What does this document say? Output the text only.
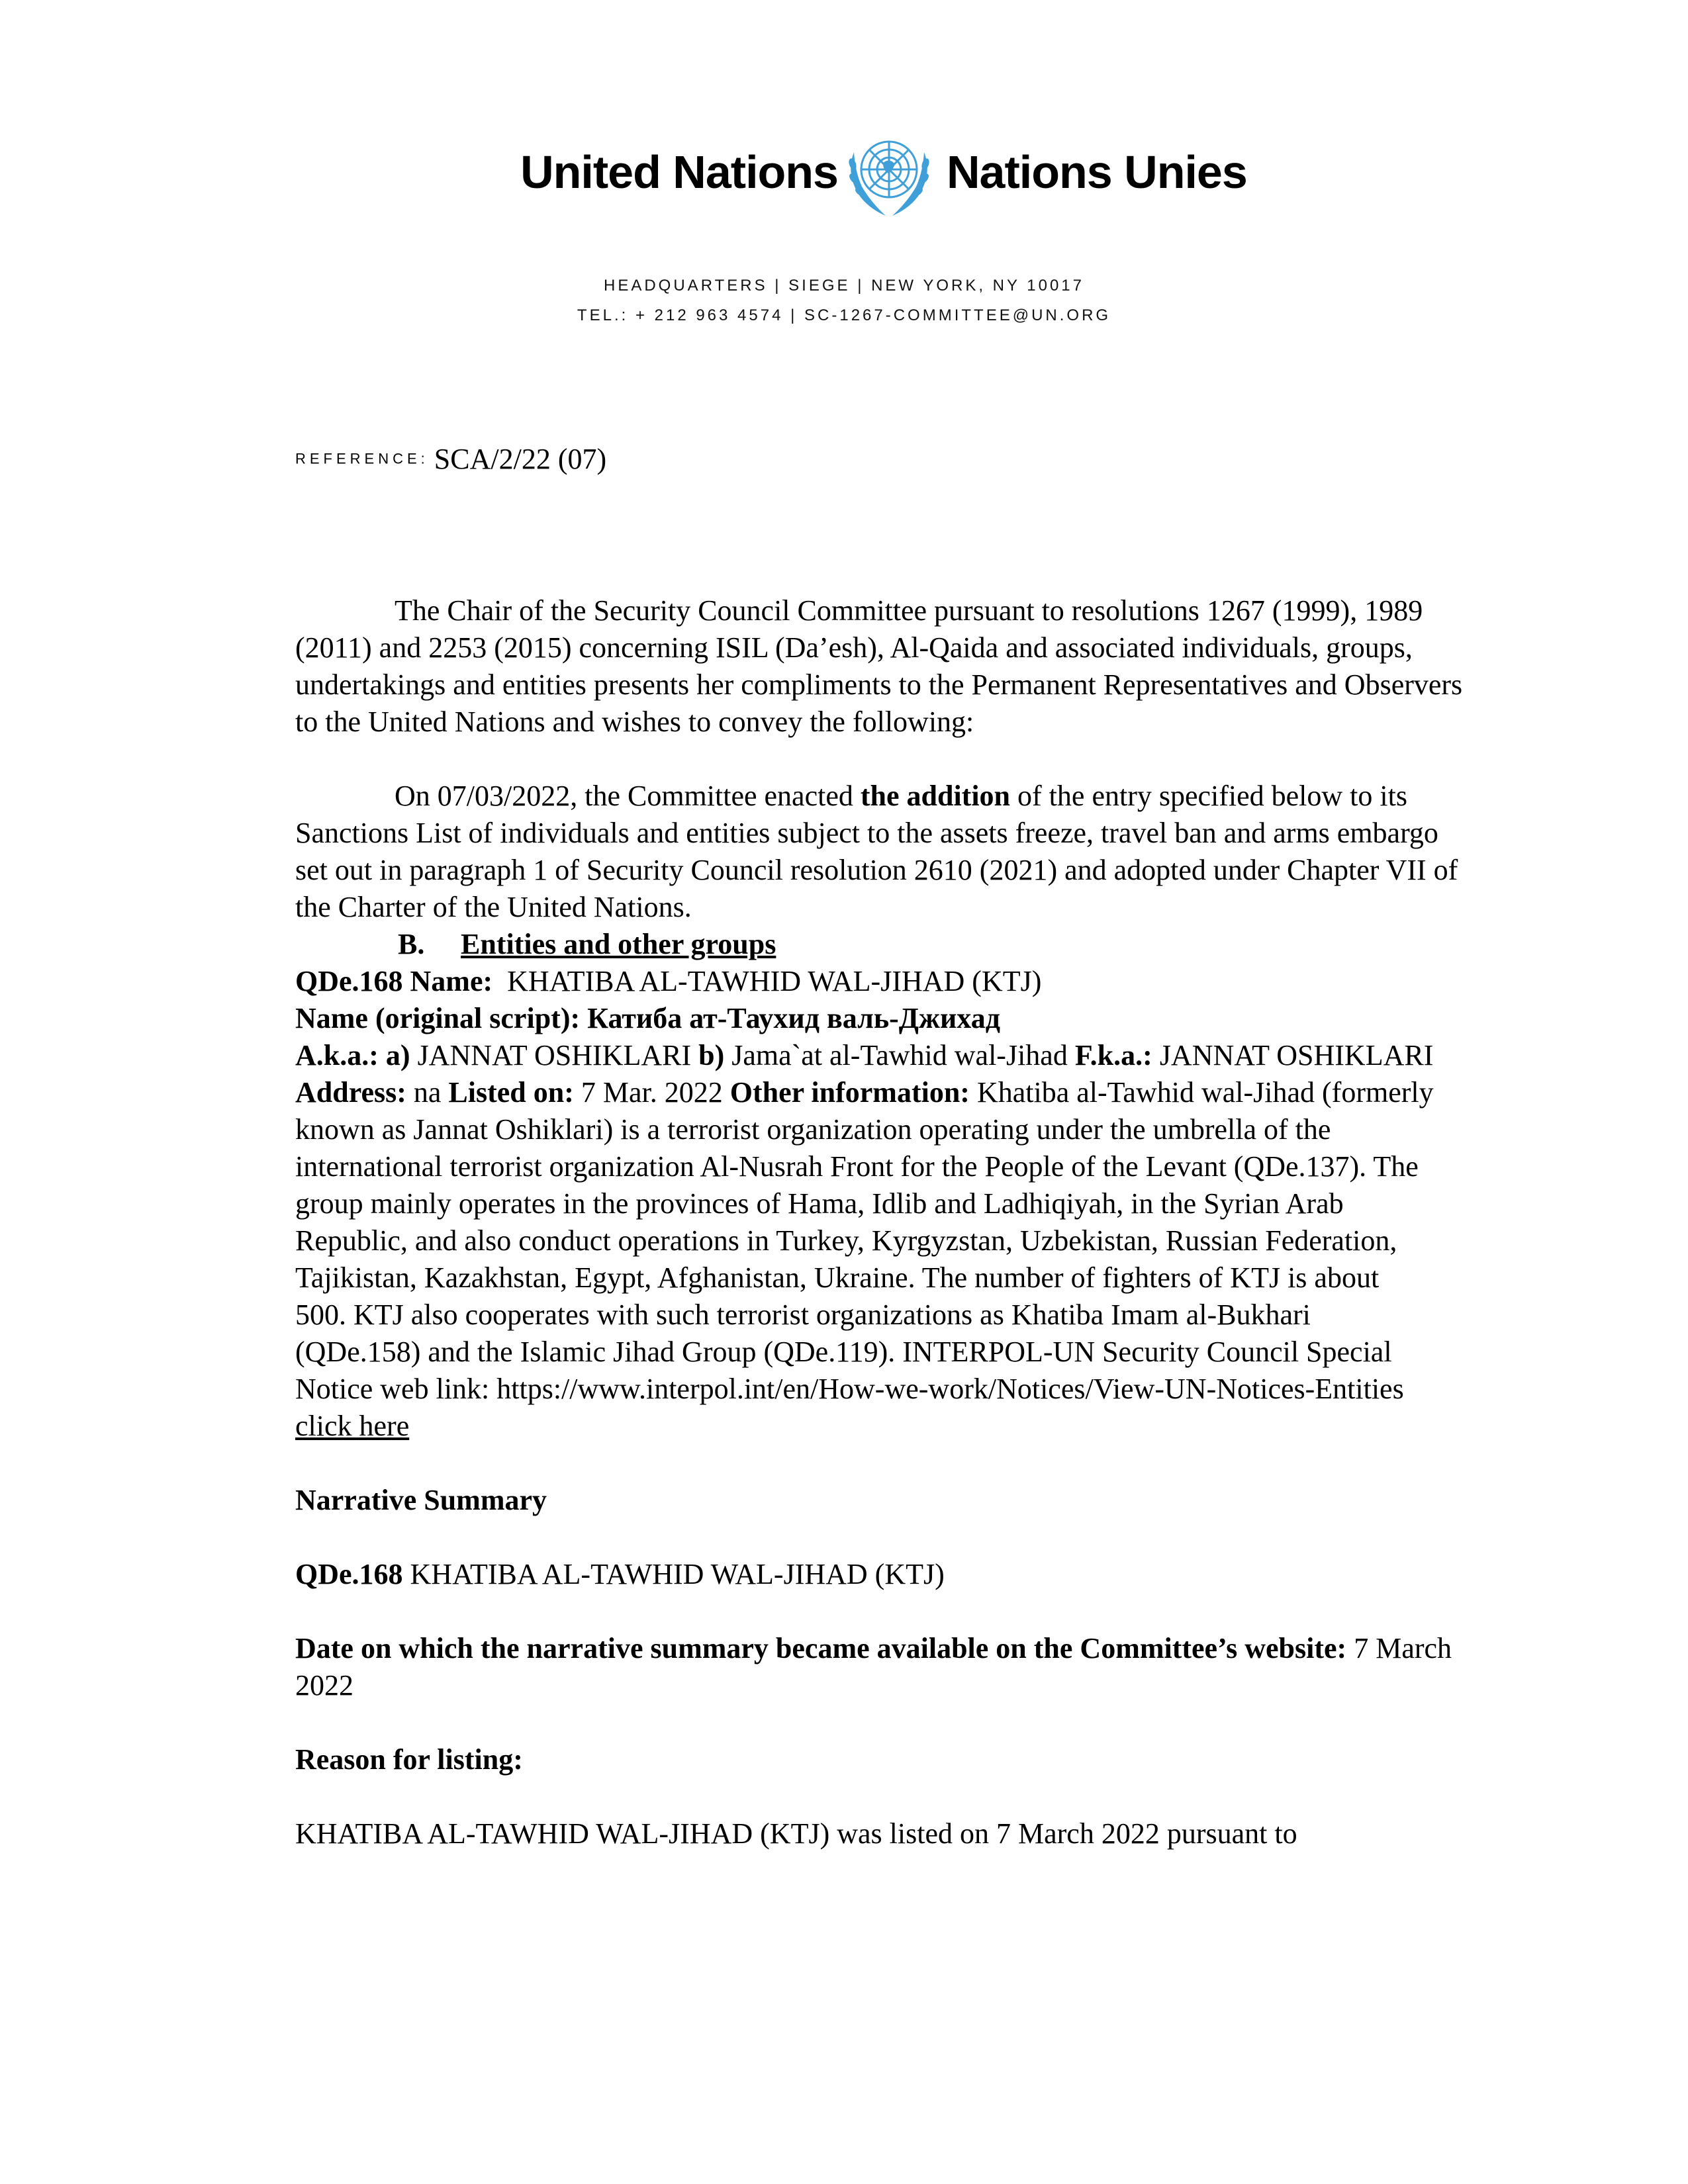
United Nations Nations Unies
HEADQUARTERS | SIEGE | NEW YORK, NY 10017
TEL.: + 212 963 4574 | SC-1267-COMMITTEE@UN.ORG
REFERENCE: SCA/2/22 (07)

The Chair of the Security Council Committee pursuant to resolutions 1267 (1999), 1989 (2011) and 2253 (2015) concerning ISIL (Da’esh), Al-Qaida and associated individuals, groups, undertakings and entities presents her compliments to the Permanent Representatives and Observers to the United Nations and wishes to convey the following:

On 07/03/2022, the Committee enacted the addition of the entry specified below to its Sanctions List of individuals and entities subject to the assets freeze, travel ban and arms embargo set out in paragraph 1 of Security Council resolution 2610 (2021) and adopted under Chapter VII of the Charter of the United Nations.

B. Entities and other groups

QDe.168 Name: KHATIBA AL-TAWHID WAL-JIHAD (KTJ)
Name (original script): Катиба ат-Таухид валь-Джихад
A.k.a.: a) JANNAT OSHIKLARI b) Jama`at al-Tawhid wal-Jihad F.k.a.: JANNAT OSHIKLARI Address: na Listed on: 7 Mar. 2022 Other information: Khatiba al-Tawhid wal-Jihad (formerly known as Jannat Oshiklari) is a terrorist organization operating under the umbrella of the international terrorist organization Al-Nusrah Front for the People of the Levant (QDe.137). The group mainly operates in the provinces of Hama, Idlib and Ladhiqiyah, in the Syrian Arab Republic, and also conduct operations in Turkey, Kyrgyzstan, Uzbekistan, Russian Federation, Tajikistan, Kazakhstan, Egypt, Afghanistan, Ukraine. The number of fighters of KTJ is about 500. KTJ also cooperates with such terrorist organizations as Khatiba Imam al-Bukhari (QDe.158) and the Islamic Jihad Group (QDe.119). INTERPOL-UN Security Council Special Notice web link: https://www.interpol.int/en/How-we-work/Notices/View-UN-Notices-Entities click here

Narrative Summary

QDe.168 KHATIBA AL-TAWHID WAL-JIHAD (KTJ)

Date on which the narrative summary became available on the Committee’s website: 7 March 2022

Reason for listing:

KHATIBA AL-TAWHID WAL-JIHAD (KTJ) was listed on 7 March 2022 pursuant to
